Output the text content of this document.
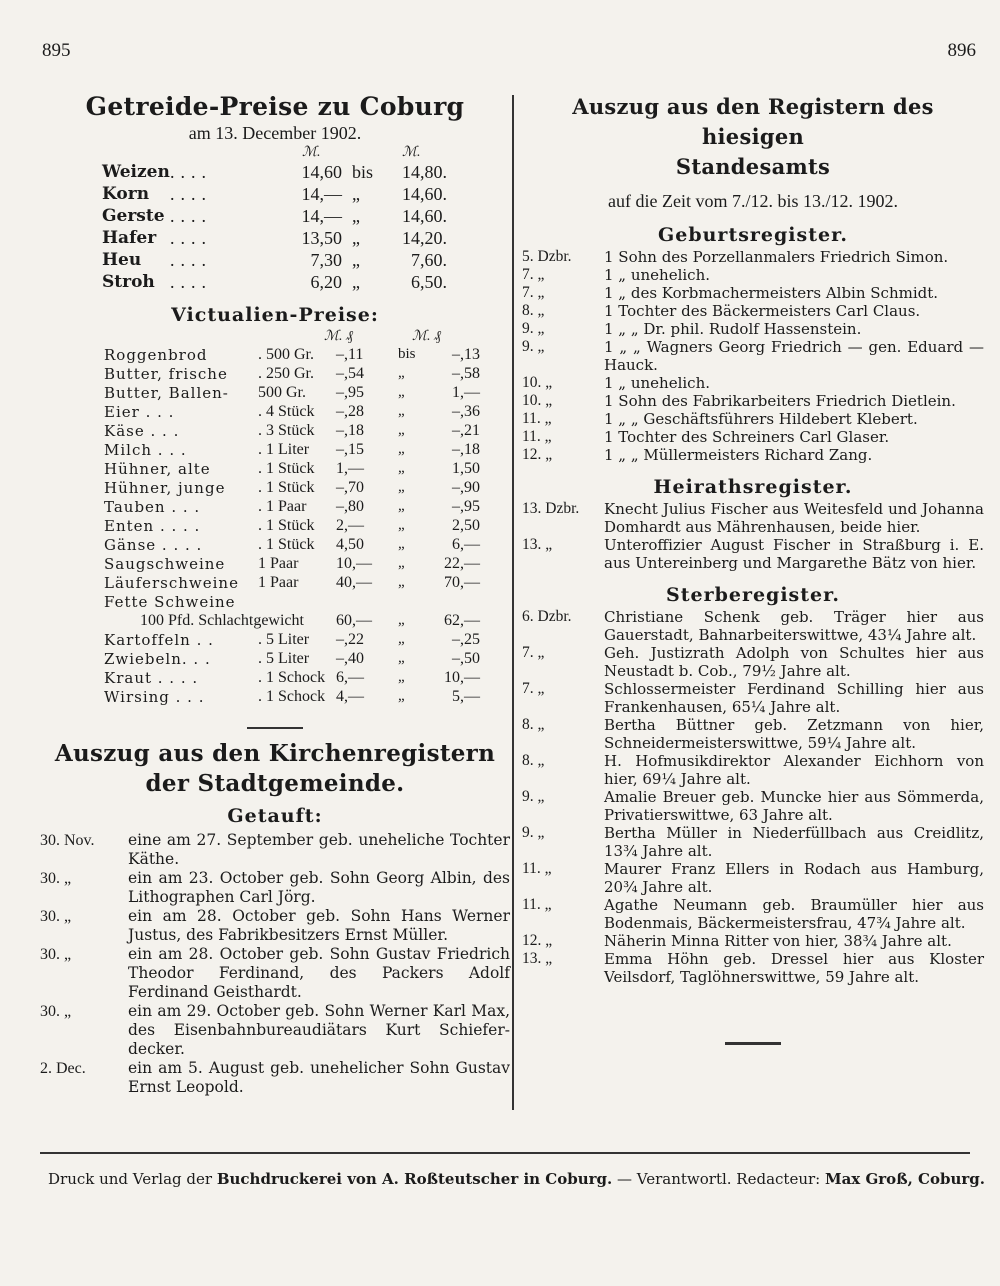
895	896
Getreide-Preise zu Coburg
am 13. December 1902.
ℳ.	ℳ.
Weizen ....	14,60 bis	14,80.
Korn ....	14,— „	14,60.
Gerste ....	14,— „	14,60.
Hafer ....	13,50 „	14,20.
Heu ....	7,30 „	7,60.
Stroh ....	6,20 „	6,50.
Victualien-Preise:
ℳ. ₰	ℳ. ₰
Roggenbrod	. 500 Gr. –,11	bis	–,13
Butter, frische . 250 Gr. –,54	„	–,58
Butter, Ballen- 500 Gr. –,95	„	1,—
Eier . . .	. 4 Stück –,28	„	–,36
Käse . . .	. 3 Stück –,18	„	–,21
Milch . . .	. 1 Liter –,15	„	–,18
Hühner, alte	. 1 Stück 1,—	„	1,50
Hühner, junge . 1 Stück –,70	„	–,90
Tauben . . .	. 1 Paar –,80	„	–,95
Enten . . . .	. 1 Stück 2,—	„	2,50
Gänse . . . .	. 1 Stück 4,50	„	6,—
Saugschweine 1 Paar 10,—	„	22,—
Läuferschweine 1 Paar 40,—	„	70,—
Fette Schweine
100 Pfd. Schlachtgewicht 60,—	„	62,—
Kartoffeln . .	. 5 Liter –,22	„	–,25
Zwiebeln. . .	. 5 Liter –,40	„	–,50
Kraut . . . .	. 1 Schock 6,—	„	10,—
Wirsing . . .	. 1 Schock 4,—	„	5,—
Auszug aus den Kirchenregistern
der Stadtgemeinde.
Getauft:
30. Nov.	eine am 27. September geb. uneheliche Tochter Käthe.
30. „	ein am 23. October geb. Sohn Georg Albin, des Lithographen Carl Jörg.
30. „	ein am 28. October geb. Sohn Hans Werner Justus, des Fabrikbesitzers Ernst Müller.
30. „	ein am 28. October geb. Sohn Gustav Friedrich Theodor Ferdinand, des Packers Adolf Ferdinand Geisthardt.
30. „	ein am 29. October geb. Sohn Werner Karl Max, des Eisenbahnbureaudiätars Kurt Schiefer-decker.
2. Dec.	ein am 5. August geb. unehelicher Sohn Gustav Ernst Leopold.
Auszug aus den Registern des hiesigen
Standesamts
auf die Zeit vom 7./12. bis 13./12. 1902.
Geburtsregister.
5. Dzbr.	1 Sohn des Porzellanmalers Friedrich Simon.
7. „	1 „ unehelich.
7. „	1 „ des Korbmachermeisters Albin Schmidt.
8. „	1 Tochter des Bäckermeisters Carl Claus.
9. „	1 „ „ Dr. phil. Rudolf Hassenstein.
9. „	1 „ „ Wagners Georg Friedrich — gen. Eduard — Hauck.
10. „	1 „ unehelich.
10. „	1 Sohn des Fabrikarbeiters Friedrich Dietlein.
11. „	1 „ „ Geschäftsführers Hildebert Klebert.
11. „	1 Tochter des Schreiners Carl Glaser.
12. „	1 „ „ Müllermeisters Richard Zang.
Heirathsregister.
13. Dzbr.	Knecht Julius Fischer aus Weitesfeld und Johanna Domhardt aus Mährenhausen, beide hier.
13. „	Unteroffizier August Fischer in Straßburg i. E. aus Untereinberg und Margarethe Bätz von hier.
Sterberegister.
6. Dzbr.	Christiane Schenk geb. Träger hier aus Gauerstadt, Bahnarbeiterswittwe, 43¼ Jahre alt.
7. „	Geh. Justizrath Adolph von Schultes hier aus Neustadt b. Cob., 79½ Jahre alt.
7. „	Schlossermeister Ferdinand Schilling hier aus Frankenhausen, 65¼ Jahre alt.
8. „	Bertha Büttner geb. Zetzmann von hier, Schneidermeisterswittwe, 59¼ Jahre alt.
8. „	H. Hofmusikdirektor Alexander Eichhorn von hier, 69¼ Jahre alt.
9. „	Amalie Breuer geb. Muncke hier aus Sömmerda, Privatierswittwe, 63 Jahre alt.
9. „	Bertha Müller in Niederfüllbach aus Creidlitz, 13¾ Jahre alt.
11. „	Maurer Franz Ellers in Rodach aus Hamburg, 20¾ Jahre alt.
11. „	Agathe Neumann geb. Braumüller hier aus Bodenmais, Bäckermeistersfrau, 47¾ Jahre alt.
12. „	Näherin Minna Ritter von hier, 38¾ Jahre alt.
13. „	Emma Höhn geb. Dressel hier aus Kloster Veilsdorf, Taglöhnerswittwe, 59 Jahre alt.
Druck und Verlag der Buchdruckerei von A. Roßteutscher in Coburg. — Verantwortl. Redacteur: Max Groß, Coburg.
